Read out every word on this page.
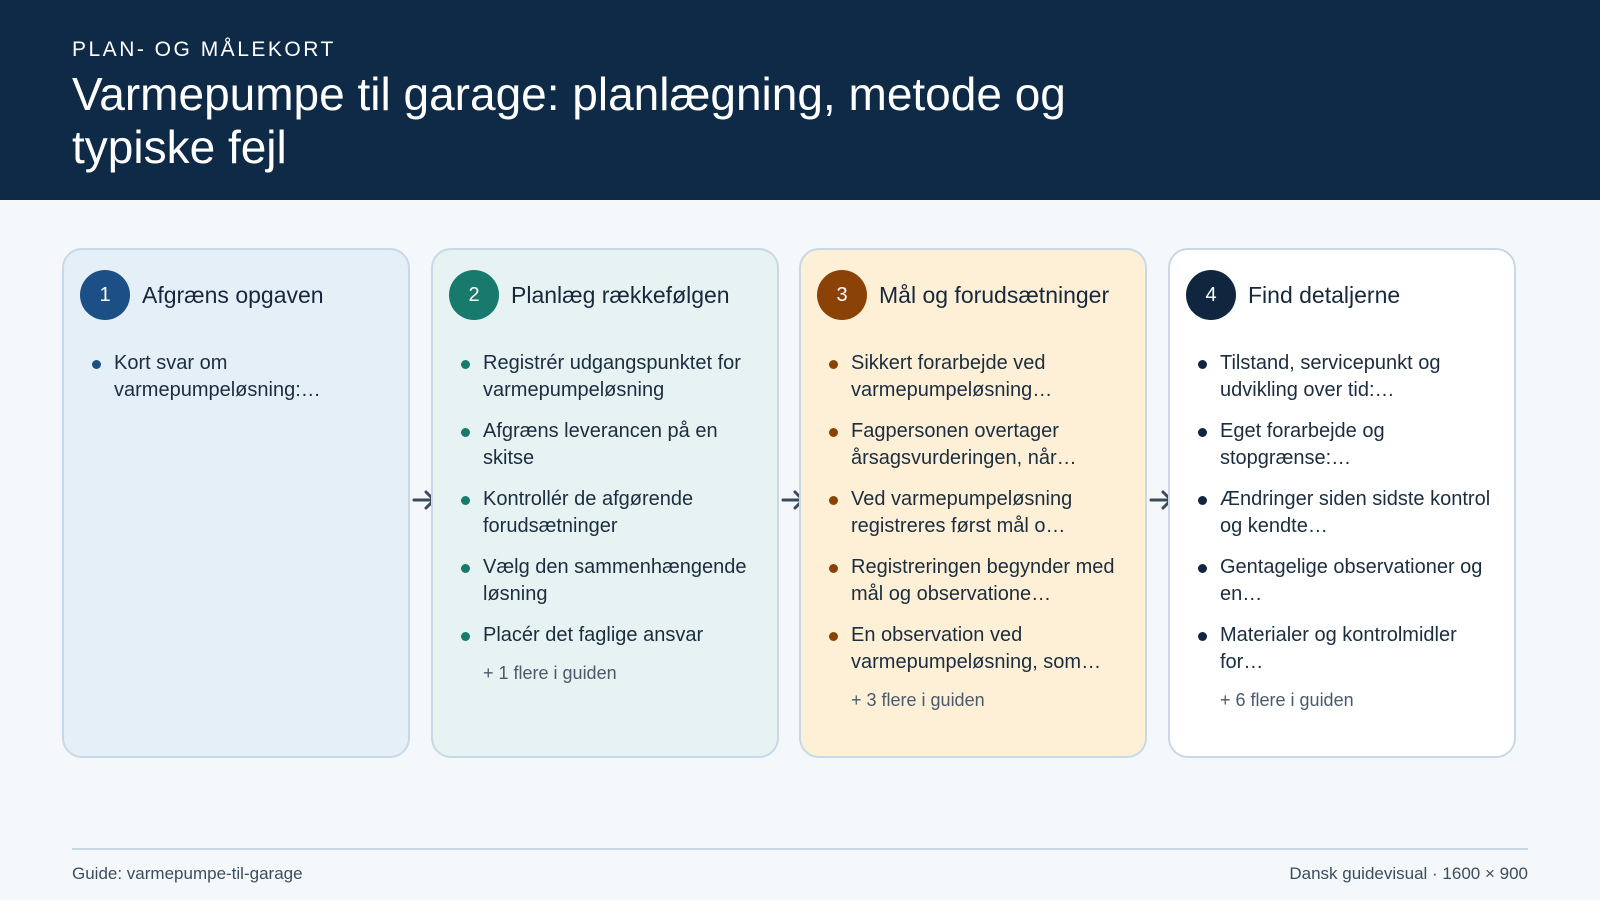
PLAN- OG MÅLEKORT
Varmepumpe til garage: planlægning, metode og typiske fejl
1	Afgræns opgaven
Kort svar om varmepumpeløsning:…
2	Planlæg rækkefølgen
Registrér udgangspunktet for varmepumpeløsning
Afgræns leverancen på en skitse
Kontrollér de afgørende forudsætninger
Vælg den sammenhængende løsning
Placér det faglige ansvar
+ 1 flere i guiden
3	Mål og forudsætninger
Sikkert forarbejde ved varmepumpeløsning…
Fagpersonen overtager årsagsvurderingen, når…
Ved varmepumpeløsning registreres først mål o…
Registreringen begynder med mål og observatione…
En observation ved varmepumpeløsning, som…
+ 3 flere i guiden
4	Find detaljerne
Tilstand, servicepunkt og udvikling over tid:…
Eget forarbejde og stopgrænse:…
Ændringer siden sidste kontrol og kendte…
Gentagelige observationer og en…
Materialer og kontrolmidler for…
+ 6 flere i guiden
Guide: varmepumpe-til-garage	Dansk guidevisual · 1600 × 900
